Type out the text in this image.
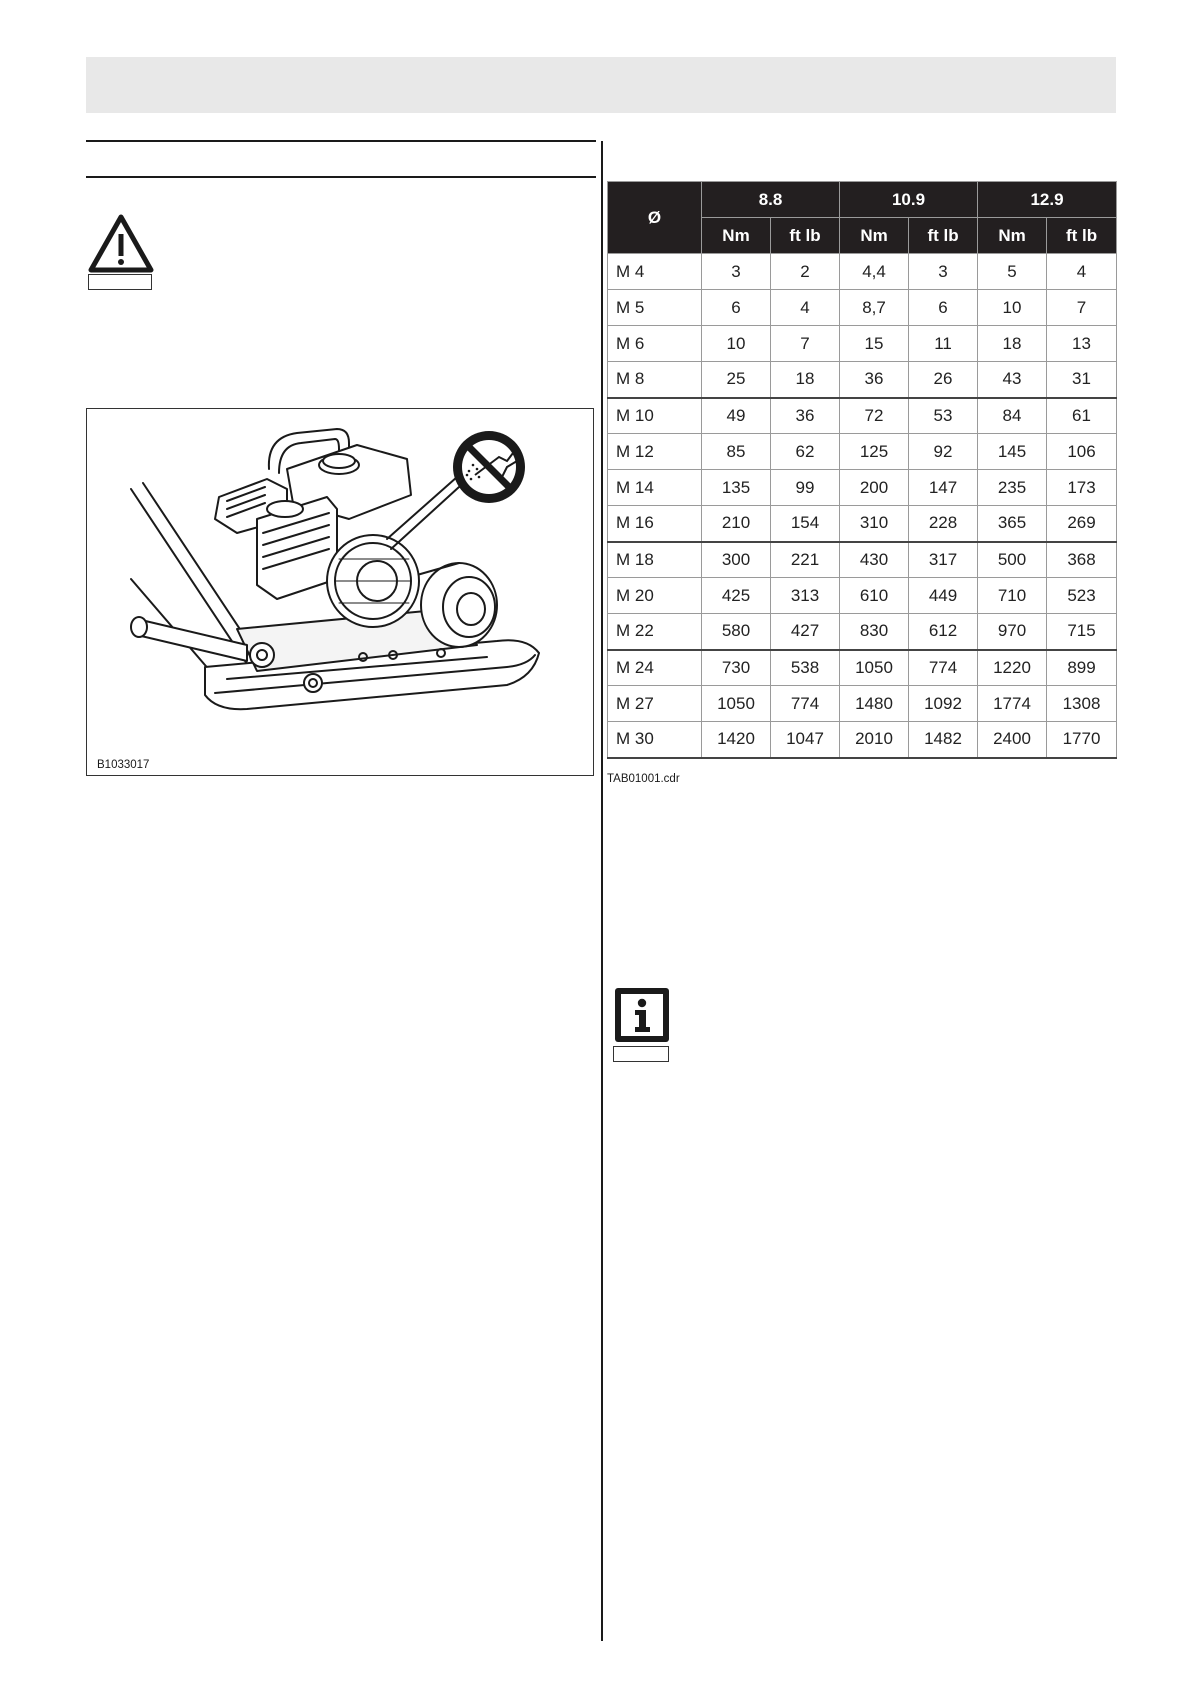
B1033017
Ø	8.8		10.9		12.9	
	Nm	ft lb	Nm	ft lb	Nm	ft lb
M 4	3	2	4,4	3	5	4
M 5	6	4	8,7	6	10	7
M 6	10	7	15	11	18	13
M 8	25	18	36	26	43	31
M 10	49	36	72	53	84	61
M 12	85	62	125	92	145	106
M 14	135	99	200	147	235	173
M 16	210	154	310	228	365	269
M 18	300	221	430	317	500	368
M 20	425	313	610	449	710	523
M 22	580	427	830	612	970	715
M 24	730	538	1050	774	1220	899
M 27	1050	774	1480	1092	1774	1308
M 30	1420	1047	2010	1482	2400	1770
TAB01001.cdr
